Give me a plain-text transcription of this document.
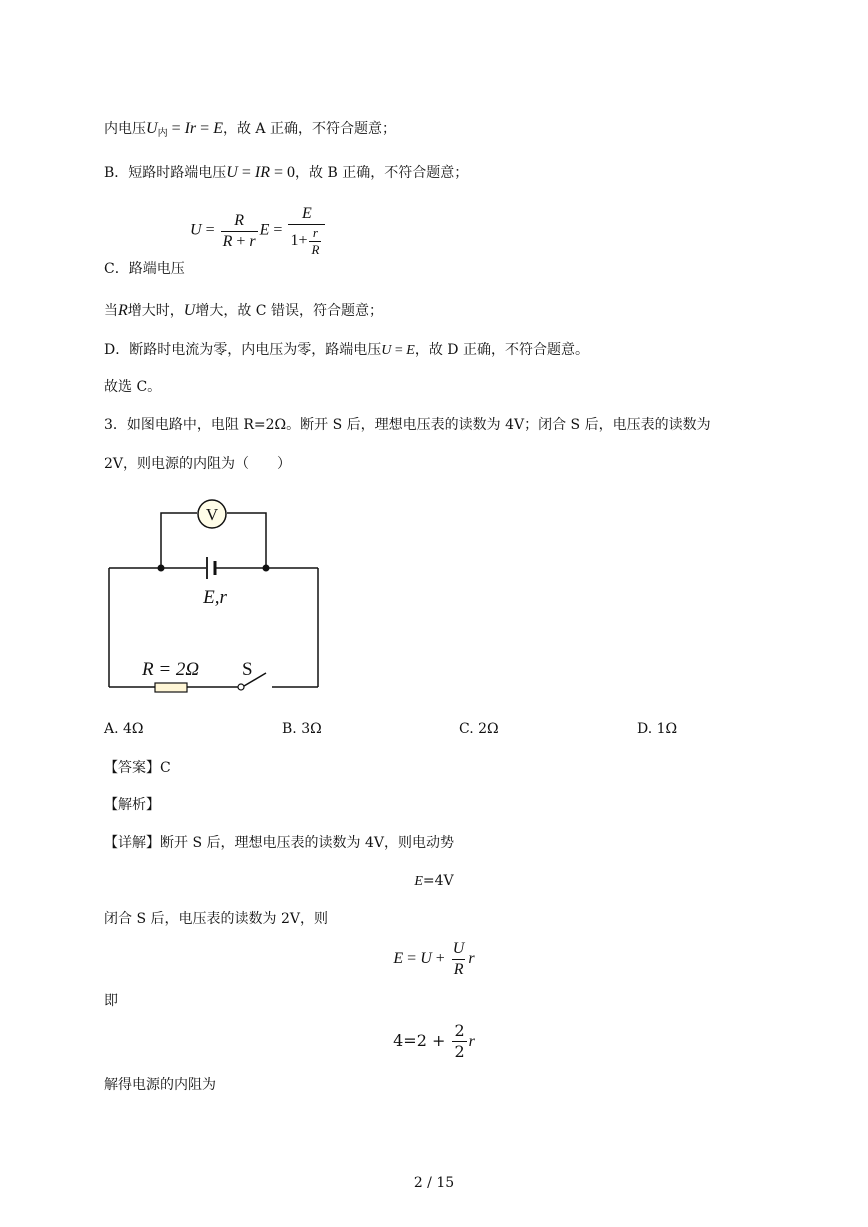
内电压$U_内 = Ir = E$，故 A 正确，不符合题意；
B．短路时路端电压U = IR = 0，故 B 正确，不符合题意；
$U = \frac{R}{R + r}$ $E = \frac{E}{1+ \frac{r}{R}}$
C．路端电压
当R增大时，U增大，故 C 错误，符合题意；
D．断路时电流为零，内电压为零，路端电压U = E，故 D 正确，不符合题意。
故选 C。
3．如图电路中，电阻 R=2Ω。断开 S 后，理想电压表的读数为 4V；闭合 S 后，电压表的读数为
2V，则电源的内阻为（　　）
V
E,r
R = 2Ω S
A. 4Ω	B. 3Ω	C. 2Ω	D. 1Ω
【答案】C
【解析】
【详解】断开 S 后，理想电压表的读数为 4V，则电动势
E=4V
闭合 S 后，电压表的读数为 2V，则
$E = U + \frac{U}{R}$ r
即
$4=2 + \frac{2}{2}$ r
解得电源的内阻为
2 / 15
